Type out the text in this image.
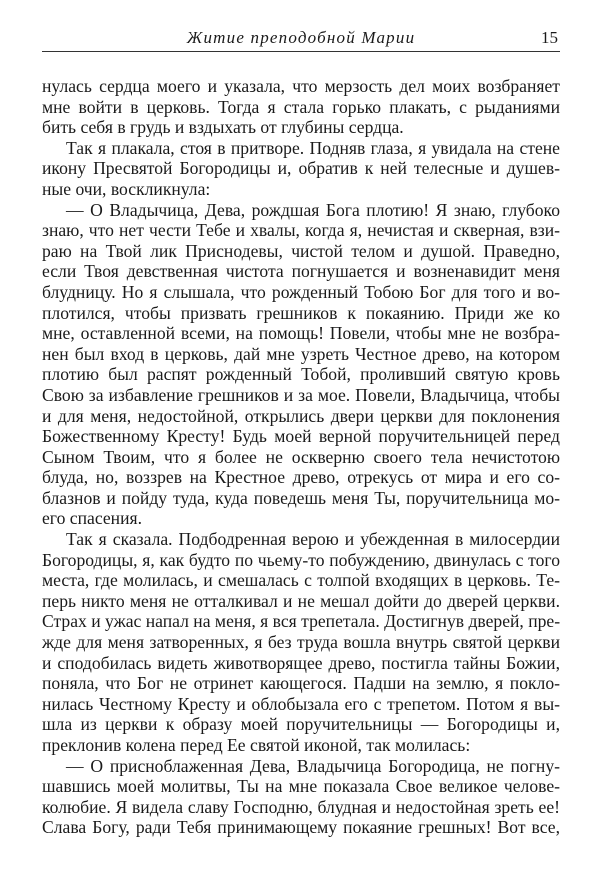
Житие преподобной Марии	15
нулась сердца моего и указала, что мерзость дел моих возбраняет
мне войти в церковь. Тогда я стала горько плакать, с рыданиями
бить себя в грудь и вздыхать от глубины сердца.
Так я плакала, стоя в притворе. Подняв глаза, я увидала на стене
икону Пресвятой Богородицы и, обратив к ней телесные и душев-
ные очи, воскликнула:
— О Владычица, Дева, рождшая Бога плотию! Я знаю, глубоко
знаю, что нет чести Тебе и хвалы, когда я, нечистая и скверная, взи-
раю на Твой лик Приснодевы, чистой телом и душой. Праведно,
если Твоя девственная чистота погнушается и возненавидит меня
блудницу. Но я слышала, что рожденный Тобою Бог для того и во-
плотился, чтобы призвать грешников к покаянию. Приди же ко
мне, оставленной всеми, на помощь! Повели, чтобы мне не возбра-
нен был вход в церковь, дай мне узреть Честное древо, на котором
плотию был распят рожденный Тобой, проливший святую кровь
Свою за избавление грешников и за мое. Повели, Владычица, чтобы
и для меня, недостойной, открылись двери церкви для поклонения
Божественному Кресту! Будь моей верной поручительницей перед
Сыном Твоим, что я более не оскверню своего тела нечистотою
блуда, но, воззрев на Крестное древо, отрекусь от мира и его со-
блазнов и пойду туда, куда поведешь меня Ты, поручительница мо-
его спасения.
Так я сказала. Подбодренная верою и убежденная в милосердии
Богородицы, я, как будто по чьему-то побуждению, двинулась с того
места, где молилась, и смешалась с толпой входящих в церковь. Те-
перь никто меня не отталкивал и не мешал дойти до дверей церкви.
Страх и ужас напал на меня, я вся трепетала. Достигнув дверей, пре-
жде для меня затворенных, я без труда вошла внутрь святой церкви
и сподобилась видеть животворящее древо, постигла тайны Божии,
поняла, что Бог не отринет кающегося. Падши на землю, я покло-
нилась Честному Кресту и облобызала его с трепетом. Потом я вы-
шла из церкви к образу моей поручительницы — Богородицы и,
преклонив колена перед Ее святой иконой, так молилась:
— О приснoблаженная Дева, Владычица Богородица, не погну-
шавшись моей молитвы, Ты на мне показала Свое великое челове-
колюбие. Я видела славу Господню, блудная и недостойная зреть ее!
Слава Богу, ради Тебя принимающему покаяние грешных! Вот все,
